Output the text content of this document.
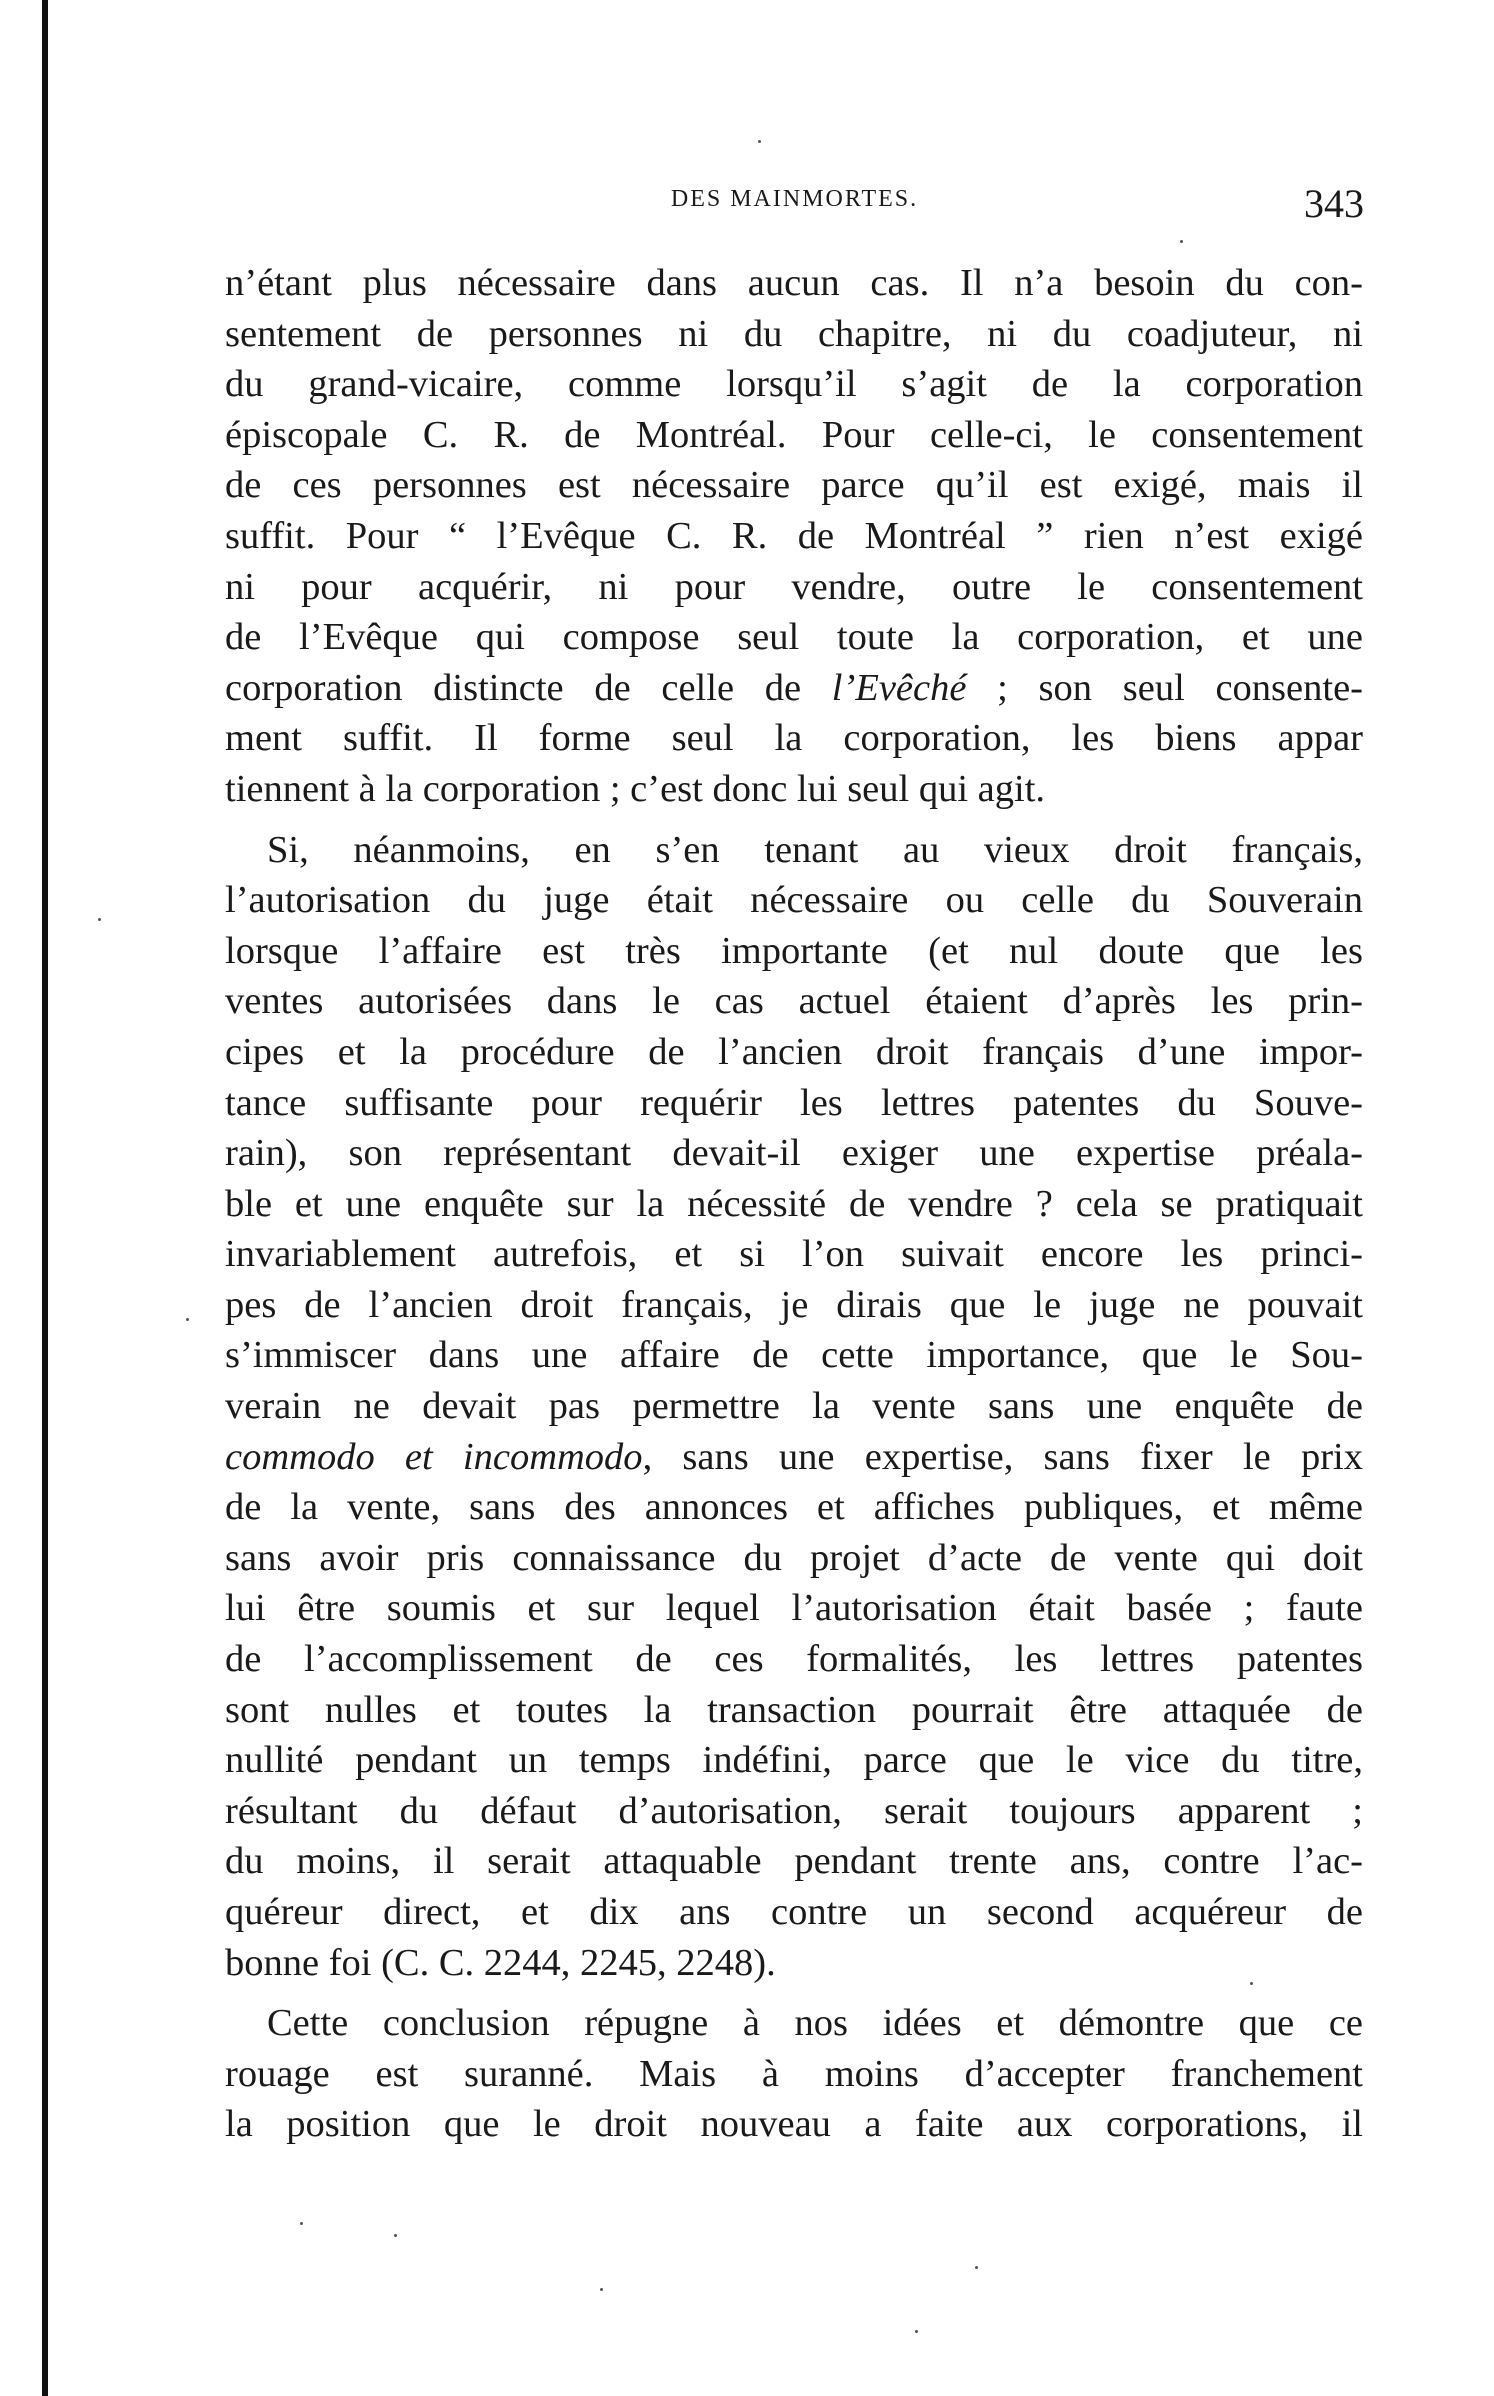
DES MAINMORTES.	343

n’étant plus nécessaire dans aucun cas. Il n’a besoin du con-
sentement de personnes ni du chapitre, ni du coadjuteur, ni
du grand-vicaire, comme lorsqu’il s’agit de la corporation
épiscopale C. R. de Montréal. Pour celle-ci, le consentement
de ces personnes est nécessaire parce qu’il est exigé, mais il
suffit. Pour “ l’Evêque C. R. de Montréal ” rien n’est exigé
ni pour acquérir, ni pour vendre, outre le consentement
de l’Evêque qui compose seul toute la corporation, et une
corporation distincte de celle de l’Evêché ; son seul consente-
ment suffit. Il forme seul la corporation, les biens appar
tiennent à la corporation ; c’est donc lui seul qui agit.

Si, néanmoins, en s’en tenant au vieux droit français,
l’autorisation du juge était nécessaire ou celle du Souverain
lorsque l’affaire est très importante (et nul doute que les
ventes autorisées dans le cas actuel étaient d’après les prin-
cipes et la procédure de l’ancien droit français d’une impor-
tance suffisante pour requérir les lettres patentes du Souve-
rain), son représentant devait-il exiger une expertise préala-
ble et une enquête sur la nécessité de vendre ? cela se pratiquait
invariablement autrefois, et si l’on suivait encore les princi-
pes de l’ancien droit français, je dirais que le juge ne pouvait
s’immiscer dans une affaire de cette importance, que le Sou-
verain ne devait pas permettre la vente sans une enquête de
commodo et incommodo, sans une expertise, sans fixer le prix
de la vente, sans des annonces et affiches publiques, et même
sans avoir pris connaissance du projet d’acte de vente qui doit
lui être soumis et sur lequel l’autorisation était basée ; faute
de l’accomplissement de ces formalités, les lettres patentes
sont nulles et toutes la transaction pourrait être attaquée de
nullité pendant un temps indéfini, parce que le vice du titre,
résultant du défaut d’autorisation, serait toujours apparent ;
du moins, il serait attaquable pendant trente ans, contre l’ac-
quéreur direct, et dix ans contre un second acquéreur de
bonne foi (C. C. 2244, 2245, 2248).

Cette conclusion répugne à nos idées et démontre que ce
rouage est suranné. Mais à moins d’accepter franchement
la position que le droit nouveau a faite aux corporations, il
